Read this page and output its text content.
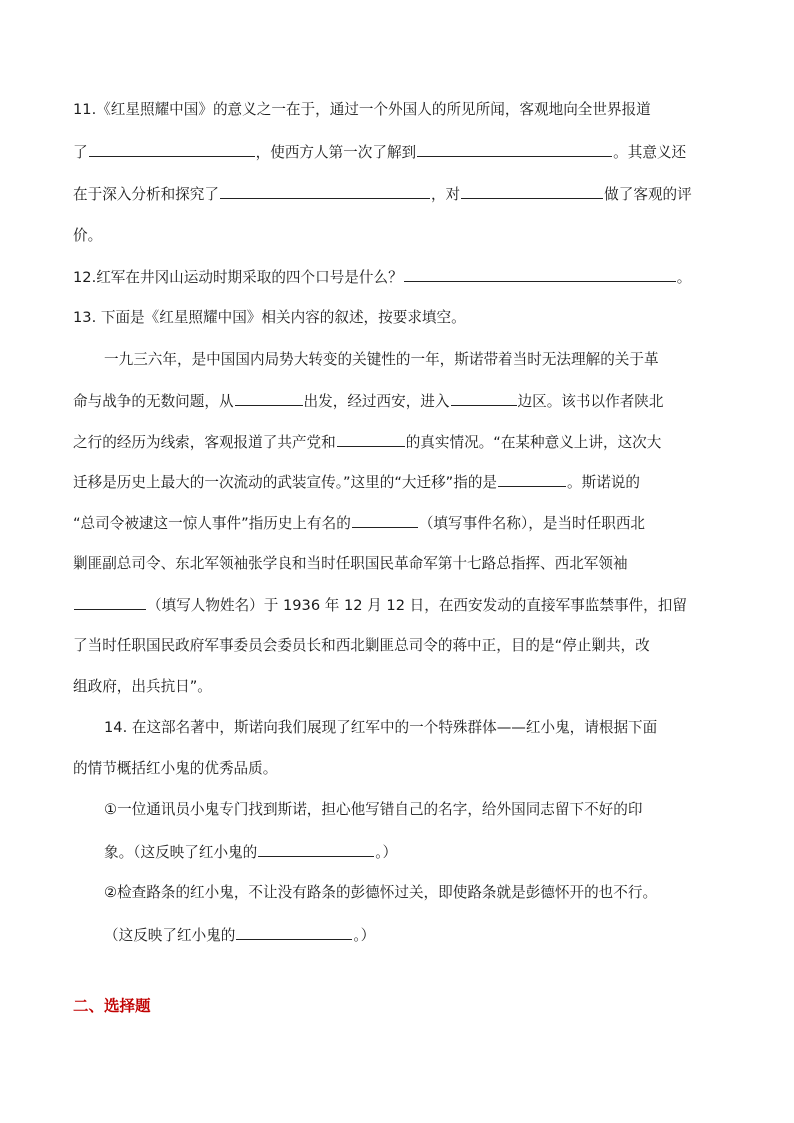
11.《红星照耀中国》的意义之一在于，通过一个外国人的所见所闻，客观地向全世界报道
了	，使西方人第一次了解到	。其意义还
在于深入分析和探究了	，对	做了客观的评
价。
12.红军在井冈山运动时期采取的四个口号是什么？	。
13. 下面是《红星照耀中国》相关内容的叙述，按要求填空。
一九三六年，是中国国内局势大转变的关键性的一年，斯诺带着当时无法理解的关于革
命与战争的无数问题，从	出发，经过西安，进入	边区。该书以作者陕北
之行的经历为线索，客观报道了共产党和	的真实情况。“在某种意义上讲，这次大
迁移是历史上最大的一次流动的武装宣传。”这里的“大迁移”指的是	。斯诺说的
“总司令被逮这一惊人事件”指历史上有名的	（填写事件名称），是当时任职西北
剿匪副总司令、东北军领袖张学良和当时任职国民革命军第十七路总指挥、西北军领袖
（填写人物姓名）于 1936 年 12 月 12 日，在西安发动的直接军事监禁事件，扣留
了当时任职国民政府军事委员会委员长和西北剿匪总司令的蒋中正，目的是“停止剿共，改
组政府，出兵抗日”。
14. 在这部名著中，斯诺向我们展现了红军中的一个特殊群体——红小鬼，请根据下面
的情节概括红小鬼的优秀品质。
①一位通讯员小鬼专门找到斯诺，担心他写错自己的名字，给外国同志留下不好的印
象。（这反映了红小鬼的	。）
②检查路条的红小鬼，不让没有路条的彭德怀过关，即使路条就是彭德怀开的也不行。
（这反映了红小鬼的	。）
二、选择题
